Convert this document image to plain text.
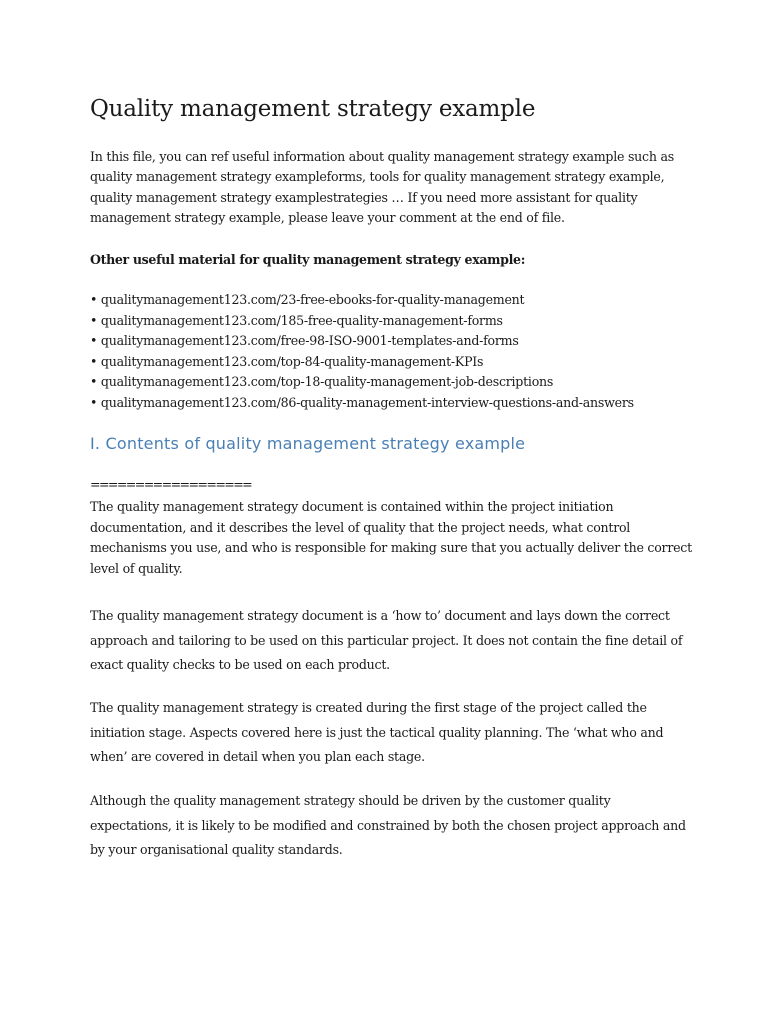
Quality management strategy example

In this file, you can ref useful information about quality management strategy example such as
quality management strategy exampleforms, tools for quality management strategy example,
quality management strategy examplestrategies … If you need more assistant for quality
management strategy example, please leave your comment at the end of file.

Other useful material for quality management strategy example:

• qualitymanagement123.com/23-free-ebooks-for-quality-management
• qualitymanagement123.com/185-free-quality-management-forms
• qualitymanagement123.com/free-98-ISO-9001-templates-and-forms
• qualitymanagement123.com/top-84-quality-management-KPIs
• qualitymanagement123.com/top-18-quality-management-job-descriptions
• qualitymanagement123.com/86-quality-management-interview-questions-and-answers
I. Contents of quality management strategy example
==================

The quality management strategy document is contained within the project initiation
documentation, and it describes the level of quality that the project needs, what control
mechanisms you use, and who is responsible for making sure that you actually deliver the correct
level of quality.

The quality management strategy document is a ‘how to’ document and lays down the correct
approach and tailoring to be used on this particular project. It does not contain the fine detail of
exact quality checks to be used on each product.

The quality management strategy is created during the first stage of the project called the
initiation stage. Aspects covered here is just the tactical quality planning. The ‘what who and
when’ are covered in detail when you plan each stage.

Although the quality management strategy should be driven by the customer quality
expectations, it is likely to be modified and constrained by both the chosen project approach and
by your organisational quality standards.
